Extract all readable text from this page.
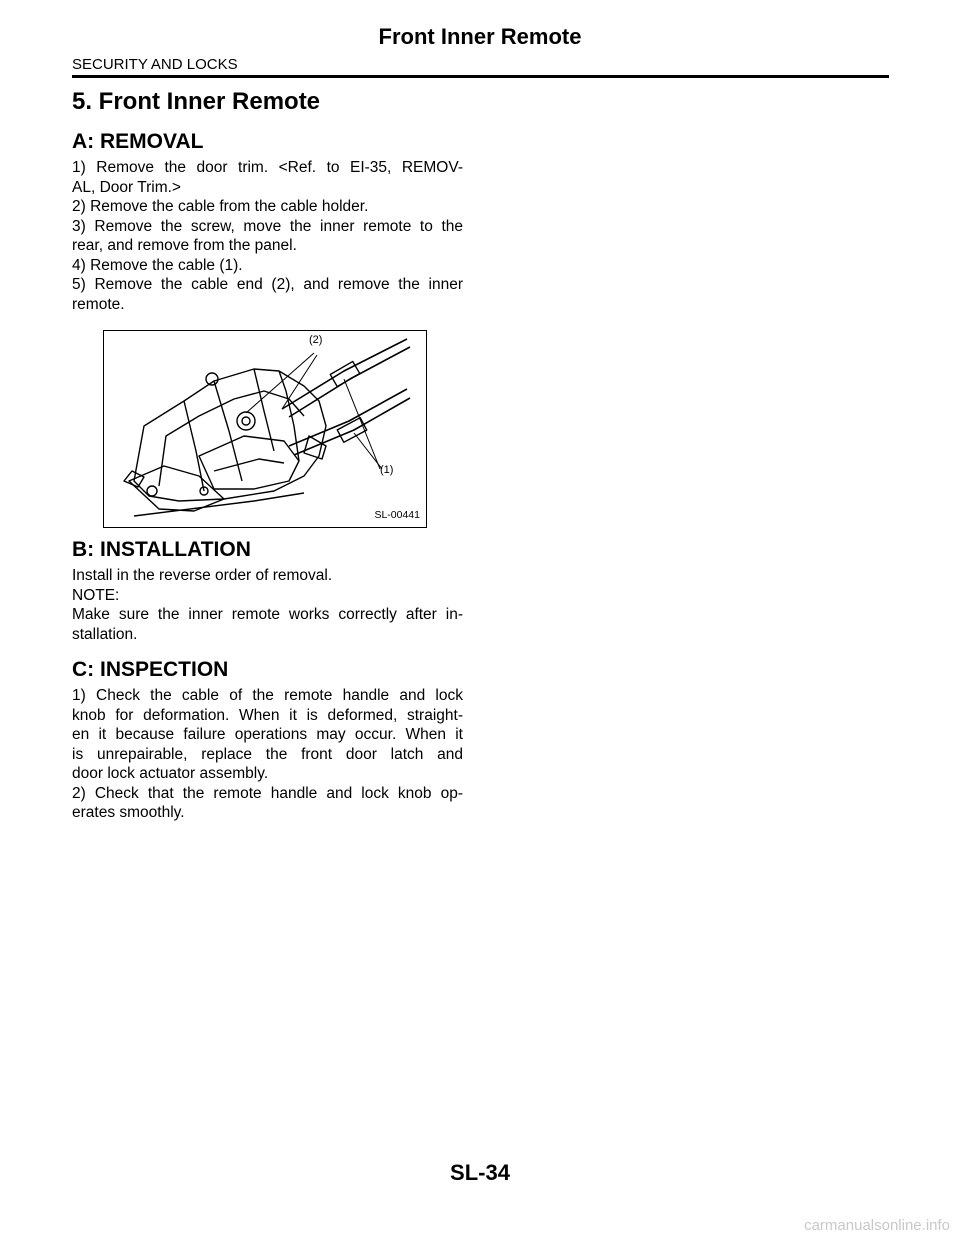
Front Inner Remote
SECURITY AND LOCKS
5. Front Inner Remote
A: REMOVAL

1) Remove the door trim. <Ref. to EI-35, REMOV-

AL, Door Trim.>

2) Remove the cable from the cable holder.

3) Remove the screw, move the inner remote to the

rear, and remove from the panel.

4) Remove the cable (1).

5) Remove the cable end (2), and remove the inner

remote.

(2)
(1)
SL-00441
B: INSTALLATION

Install in the reverse order of removal.

NOTE:

Make sure the inner remote works correctly after in-

stallation.

C: INSPECTION

1) Check the cable of the remote handle and lock

knob for deformation. When it is deformed, straight-

en it because failure operations may occur. When it

is unrepairable, replace the front door latch and

door lock actuator assembly.

2) Check that the remote handle and lock knob op-

erates smoothly.

SL-34
carmanualsonline.info
